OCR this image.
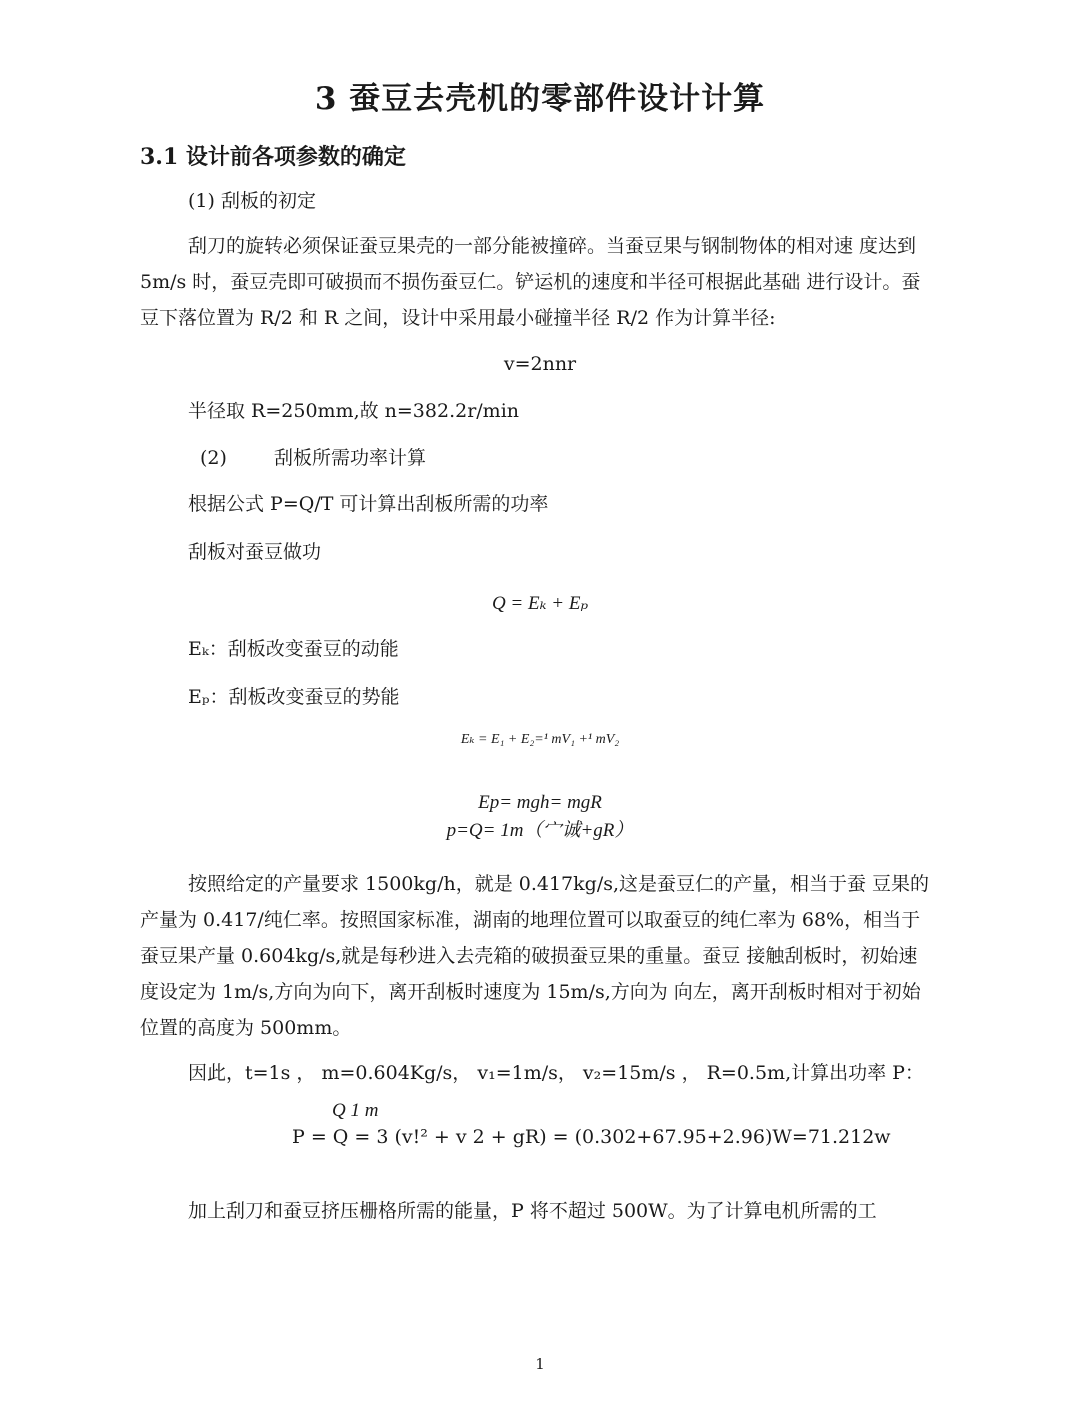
3 蚕豆去壳机的零部件设计计算
3.1 设计前各项参数的确定
(1) 刮板的初定
刮刀的旋转必须保证蚕豆果壳的一部分能被撞碎。当蚕豆果与钢制物体的相对速 度达到
5m/s 时，蚕豆壳即可破损而不损伤蚕豆仁。铲运机的速度和半径可根据此基础 进行设计。蚕
豆下落位置为 R/2 和 R 之间，设计中采用最小碰撞半径 R/2 作为计算半径:
v=2nnr
半径取 R=250mm,故 n=382.2r/min
(2) 刮板所需功率计算
根据公式 P=Q/T 可计算出刮板所需的功率
刮板对蚕豆做功
Q = Eₖ + Eₚ
Eₖ：刮板改变蚕豆的动能
Eₚ：刮板改变蚕豆的势能
Eₖ = E₁ + E₂=¹ mV₁ +¹ mV₂
Ep= mgh= mgR
p=Q= 1m（宀诚+gR）
按照给定的产量要求 1500kg/h，就是 0.417kg/s,这是蚕豆仁的产量，相当于蚕 豆果的
产量为 0.417/纯仁率。按照国家标准，湖南的地理位置可以取蚕豆的纯仁率为 68%，相当于
蚕豆果产量 0.604kg/s,就是每秒进入去壳箱的破损蚕豆果的重量。蚕豆 接触刮板时，初始速
度设定为 1m/s,方向为向下，离开刮板时速度为 15m/s,方向为 向左，离开刮板时相对于初始
位置的高度为 500mm。
因此，t=1s ， m=0.604Kg/s， v₁=1m/s， v₂=15m/s ， R=0.5m,计算出功率 P：
Q 1 m
P = Q = 3 (v!² + v 2 + gR) = (0.302+67.95+2.96)W=71.212w
加上刮刀和蚕豆挤压栅格所需的能量，P 将不超过 500W。为了计算电机所需的工
1
